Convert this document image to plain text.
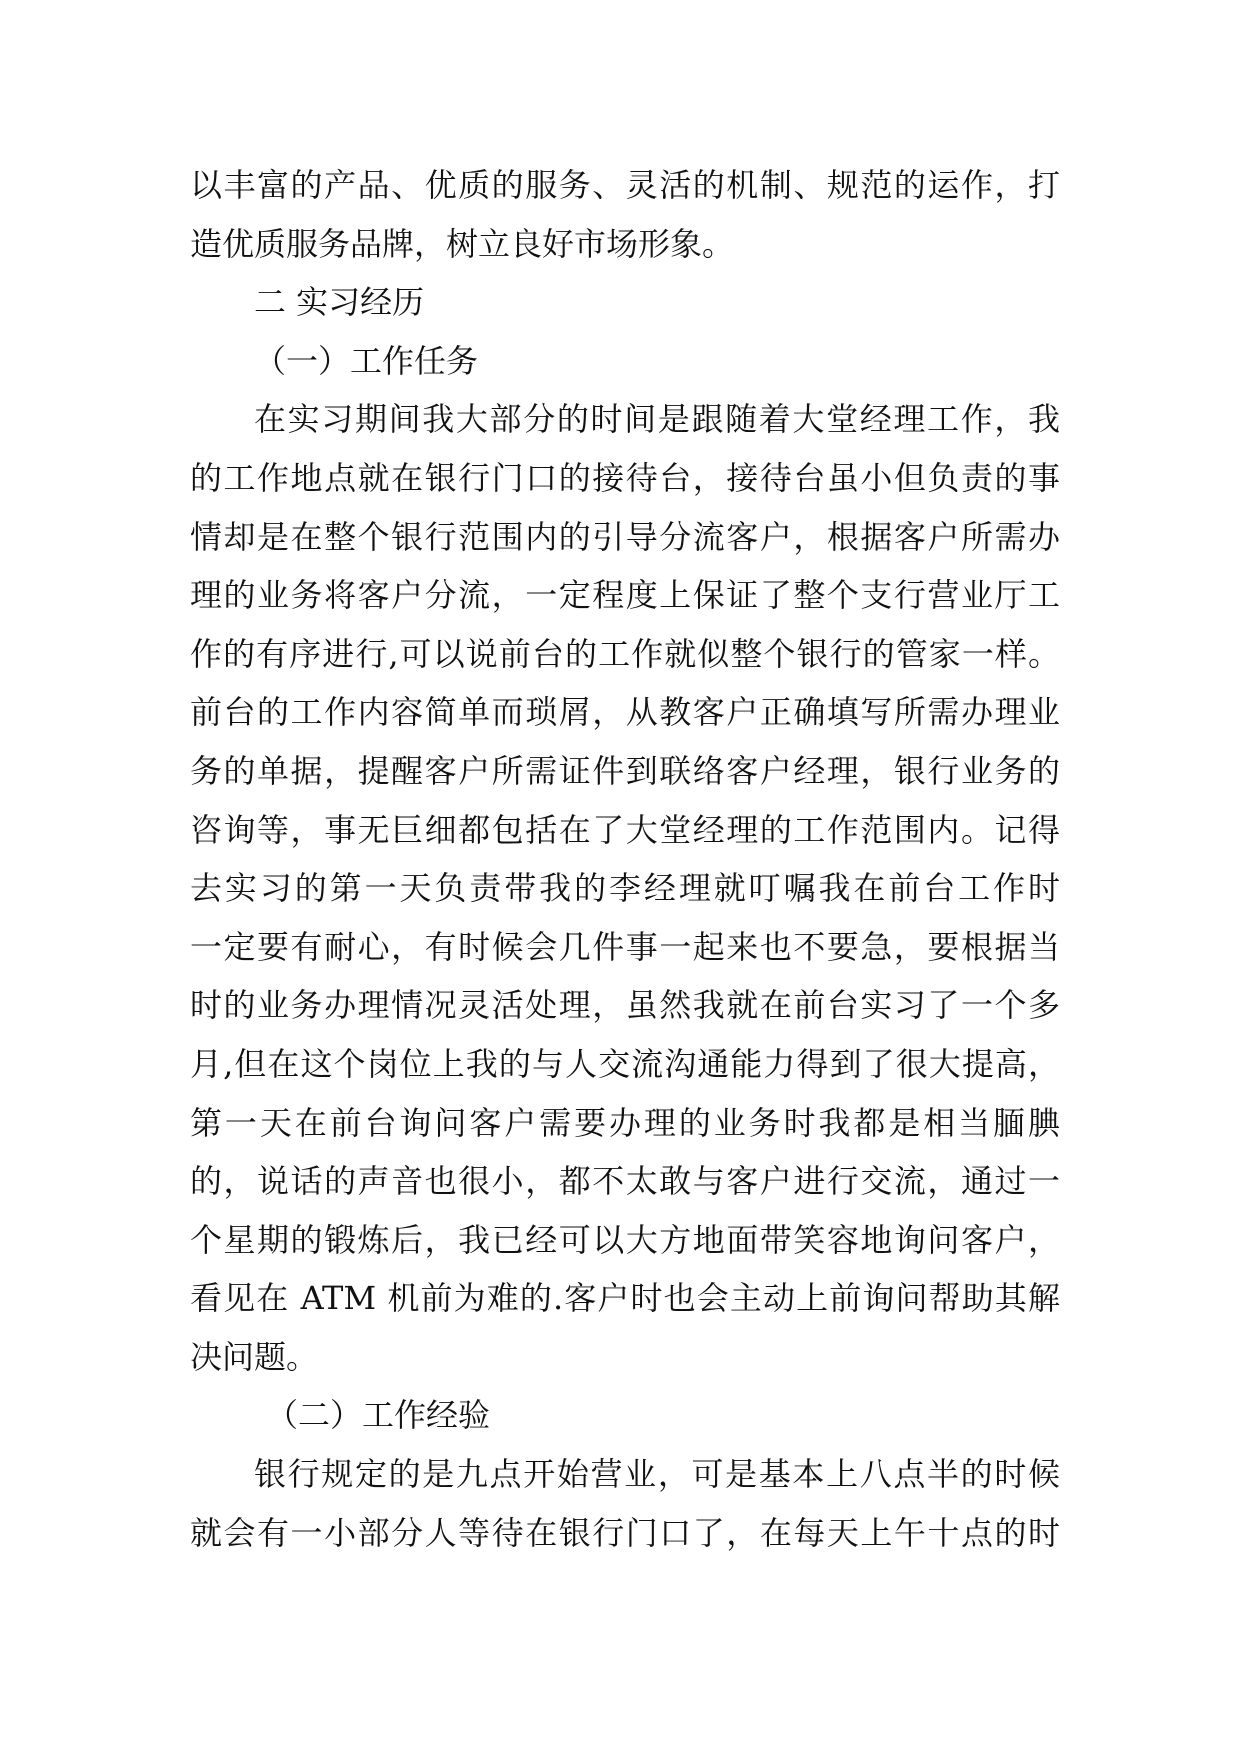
以丰富的产品、优质的服务、灵活的机制、规范的运作，打
造优质服务品牌，树立良好市场形象。
二 实习经历
（一）工作任务
在实习期间我大部分的时间是跟随着大堂经理工作，我
的工作地点就在银行门口的接待台，接待台虽小但负责的事
情却是在整个银行范围内的引导分流客户，根据客户所需办
理的业务将客户分流，一定程度上保证了整个支行营业厅工
作的有序进行,可以说前台的工作就似整个银行的管家一样。
前台的工作内容简单而琐屑，从教客户正确填写所需办理业
务的单据，提醒客户所需证件到联络客户经理，银行业务的
咨询等，事无巨细都包括在了大堂经理的工作范围内。记得
去实习的第一天负责带我的李经理就叮嘱我在前台工作时
一定要有耐心，有时候会几件事一起来也不要急，要根据当
时的业务办理情况灵活处理，虽然我就在前台实习了一个多
月,但在这个岗位上我的与人交流沟通能力得到了很大提高，
第一天在前台询问客户需要办理的业务时我都是相当腼腆
的，说话的声音也很小，都不太敢与客户进行交流，通过一
个星期的锻炼后，我已经可以大方地面带笑容地询问客户，
看见在 ATM 机前为难的.客户时也会主动上前询问帮助其解
决问题。
（二）工作经验
银行规定的是九点开始营业，可是基本上八点半的时候
就会有一小部分人等待在银行门口了，在每天上午十点的时
